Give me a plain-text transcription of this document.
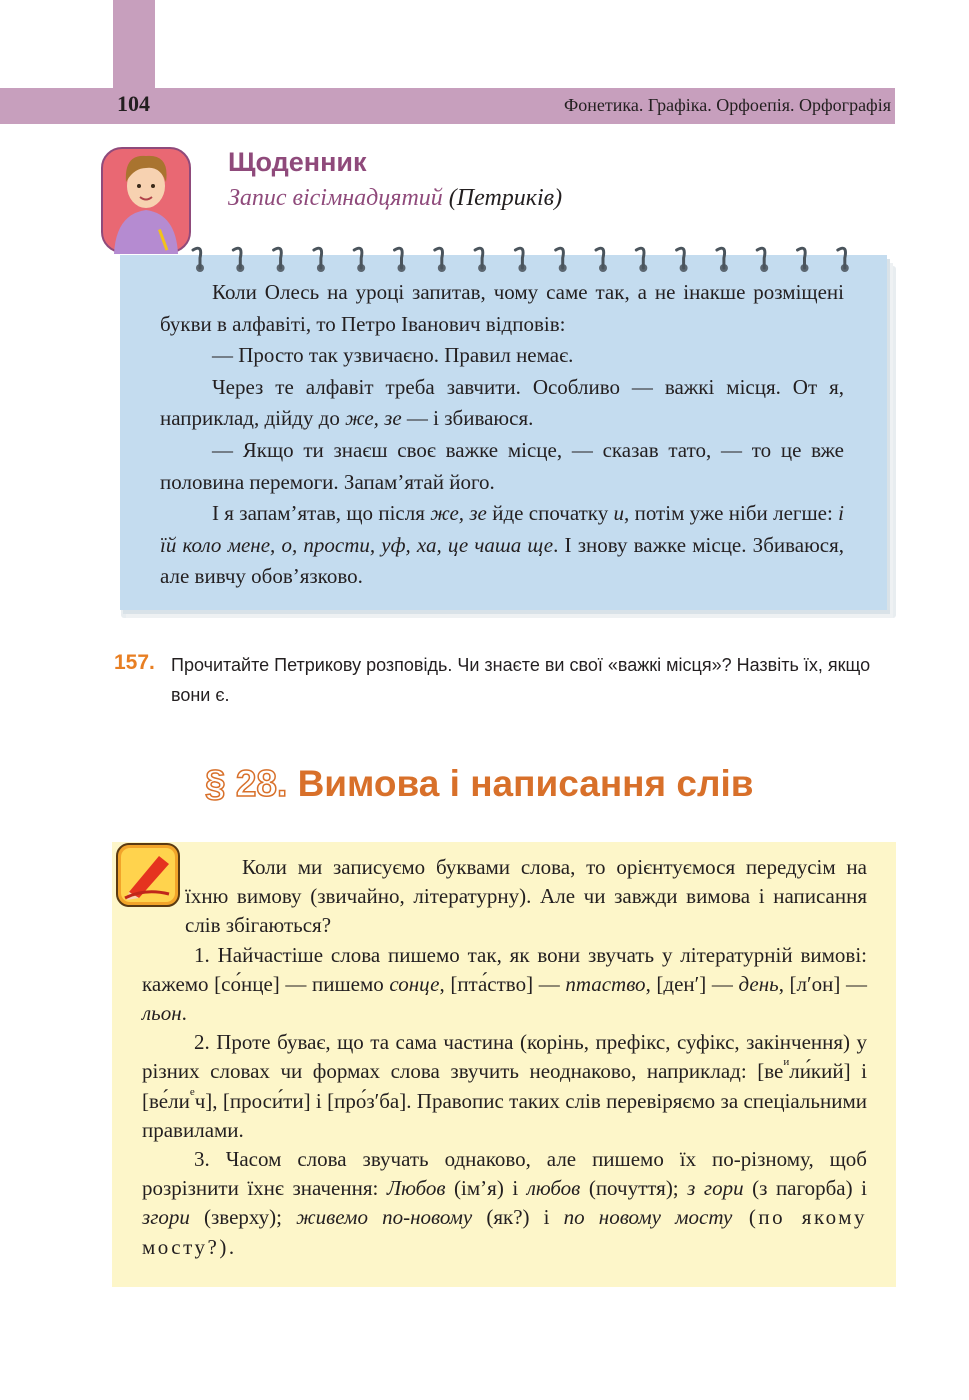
104	Фонетика. Графіка. Орфоепія. Орфографія
Щоденник
Запис вісімнадцятий (Петриків)

Коли Олесь на уроці запитав, чому саме так, а не інакше розміщені букви в алфавіті, то Петро Іванович відповів:

— Просто так узвичаєно. Правил немає.

Через те алфавіт треба завчити. Особливо — важкі місця. От я, наприклад, дійду до же, зе — і збиваюся.

— Якщо ти знаєш своє важке місце, — сказав тато, — то це вже половина перемоги. Запам’ятай його.

І я запам’ятав, що після же, зе йде спочатку и, потім уже ніби легше: і їй коло мене, о, прости, уф, ха, це чаша ще. І знову важке місце. Збиваюся, але вивчу обов’язково.

157. Прочитайте Петрикову розповідь. Чи знаєте ви свої «важкі місця»? Назвіть їх, якщо вони є.
§ 28. Вимова і написання слів

Коли ми записуємо буквами слова, то орієнтуємося передусім на їхню вимову (звичайно, літературну). Але чи завжди вимова і написання слів збігаються?

1. Найчастіше слова пишемо так, як вони звучать у літературній вимові: кажемо [со́нце] — пишемо сонце, [пта́ство] — птаство, [ден′] — день, [л′он] — льон.

2. Проте буває, що та сама частина (корінь, префікс, суфікс, закінчення) у різних словах чи формах слова звучить неоднаково, наприклад: $[ве^или́кий]$ і $[ве́ли^еч]$, [проси́ти] і [про́з′ба]. Правопис таких слів перевіряємо за спеціальними правилами.

3. Часом слова звучать однаково, але пишемо їх по-різному, щоб розрізнити їхнє значення: Любов (ім’я) і любов (почуття); з гори (з пагорба) і згори (зверху); живемо по-новому (як?) і по новому мосту (по якому мосту?).
